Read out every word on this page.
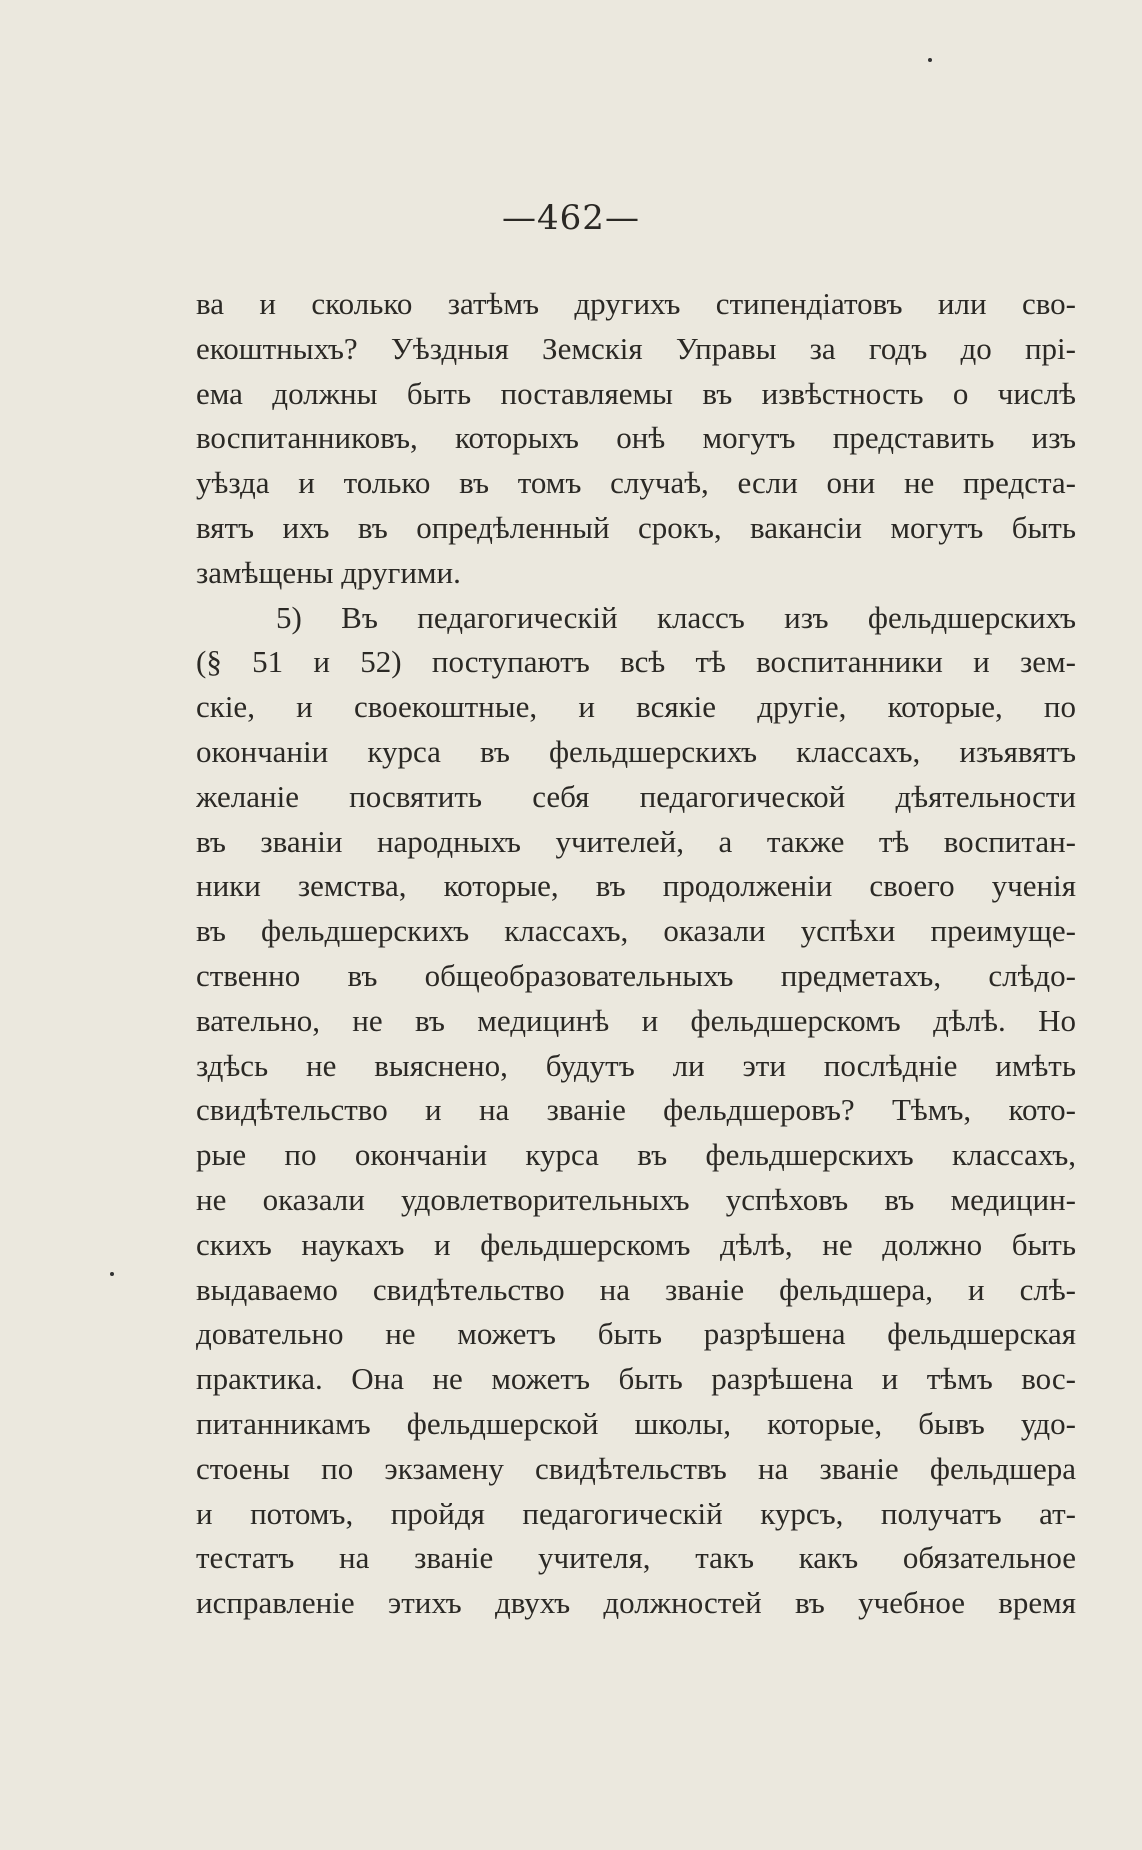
—462—
ва и сколько затѣмъ другихъ стипендіатовъ или сво-
екоштныхъ? Уѣздныя Земскія Управы за годъ до прі-
ема должны быть поставляемы въ извѣстность о числѣ
воспитанниковъ, которыхъ онѣ могутъ представить изъ
уѣзда и только въ томъ случаѣ, если они не предста-
вятъ ихъ въ опредѣленный срокъ, вакансіи могутъ быть
замѣщены другими.
5) Въ педагогическій классъ изъ фельдшерскихъ
(§ 51 и 52) поступаютъ всѣ тѣ воспитанники и зем-
скіе, и своекоштные, и всякіе другіе, которые, по
окончаніи курса въ фельдшерскихъ классахъ, изъявятъ
желаніе посвятить себя педагогической дѣятельности
въ званіи народныхъ учителей, а также тѣ воспитан-
ники земства, которые, въ продолженіи своего ученія
въ фельдшерскихъ классахъ, оказали успѣхи преимуще-
ственно въ общеобразовательныхъ предметахъ, слѣдо-
вательно, не въ медицинѣ и фельдшерскомъ дѣлѣ. Но
здѣсь не выяснено, будутъ ли эти послѣдніе имѣть
свидѣтельство и на званіе фельдшеровъ? Тѣмъ, кото-
рые по окончаніи курса въ фельдшерскихъ классахъ,
не оказали удовлетворительныхъ успѣховъ въ медицин-
скихъ наукахъ и фельдшерскомъ дѣлѣ, не должно быть
выдаваемо свидѣтельство на званіе фельдшера, и слѣ-
довательно не можетъ быть разрѣшена фельдшерская
практика. Она не можетъ быть разрѣшена и тѣмъ вос-
питанникамъ фельдшерской школы, которые, бывъ удо-
стоены по экзамену свидѣтельствъ на званіе фельдшера
и потомъ, пройдя педагогическій курсъ, получатъ ат-
тестатъ на званіе учителя, такъ какъ обязательное
исправленіе этихъ двухъ должностей въ учебное время
